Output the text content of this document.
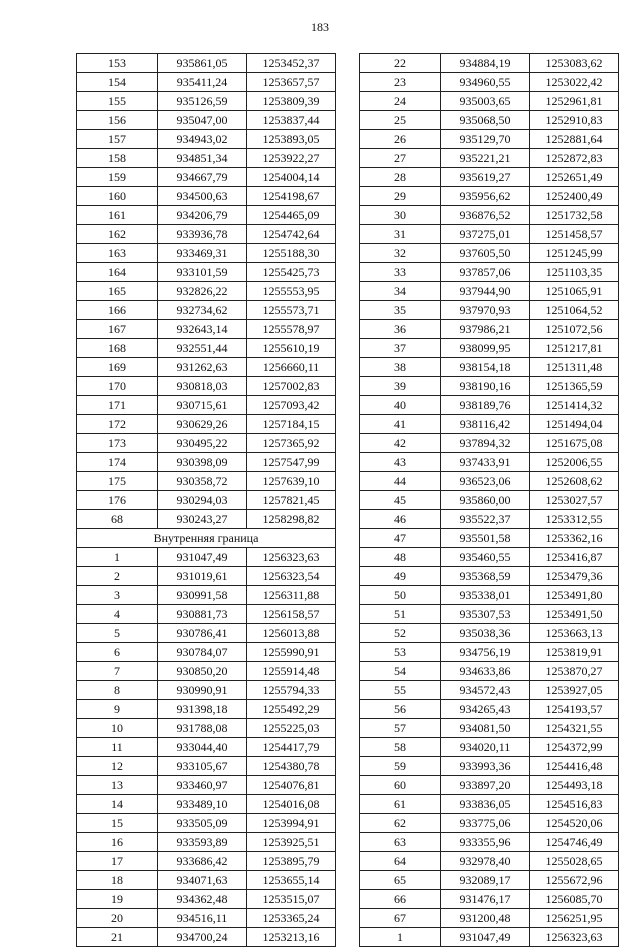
183
153	935861,05	1253452,37
154	935411,24	1253657,57
155	935126,59	1253809,39
156	935047,00	1253837,44
157	934943,02	1253893,05
158	934851,34	1253922,27
159	934667,79	1254004,14
160	934500,63	1254198,67
161	934206,79	1254465,09
162	933936,78	1254742,64
163	933469,31	1255188,30
164	933101,59	1255425,73
165	932826,22	1255553,95
166	932734,62	1255573,71
167	932643,14	1255578,97
168	932551,44	1255610,19
169	931262,63	1256660,11
170	930818,03	1257002,83
171	930715,61	1257093,42
172	930629,26	1257184,15
173	930495,22	1257365,92
174	930398,09	1257547,99
175	930358,72	1257639,10
176	930294,03	1257821,45
68	930243,27	1258298,82
Внутренняя граница		
1	931047,49	1256323,63
2	931019,61	1256323,54
3	930991,58	1256311,88
4	930881,73	1256158,57
5	930786,41	1256013,88
6	930784,07	1255990,91
7	930850,20	1255914,48
8	930990,91	1255794,33
9	931398,18	1255492,29
10	931788,08	1255225,03
11	933044,40	1254417,79
12	933105,67	1254380,78
13	933460,97	1254076,81
14	933489,10	1254016,08
15	933505,09	1253994,91
16	933593,89	1253925,51
17	933686,42	1253895,79
18	934071,63	1253655,14
19	934362,48	1253515,07
20	934516,11	1253365,24
21	934700,24	1253213,16
22	934884,19	1253083,62
23	934960,55	1253022,42
24	935003,65	1252961,81
25	935068,50	1252910,83
26	935129,70	1252881,64
27	935221,21	1252872,83
28	935619,27	1252651,49
29	935956,62	1252400,49
30	936876,52	1251732,58
31	937275,01	1251458,57
32	937605,50	1251245,99
33	937857,06	1251103,35
34	937944,90	1251065,91
35	937970,93	1251064,52
36	937986,21	1251072,56
37	938099,95	1251217,81
38	938154,18	1251311,48
39	938190,16	1251365,59
40	938189,76	1251414,32
41	938116,42	1251494,04
42	937894,32	1251675,08
43	937433,91	1252006,55
44	936523,06	1252608,62
45	935860,00	1253027,57
46	935522,37	1253312,55
47	935501,58	1253362,16
48	935460,55	1253416,87
49	935368,59	1253479,36
50	935338,01	1253491,80
51	935307,53	1253491,50
52	935038,36	1253663,13
53	934756,19	1253819,91
54	934633,86	1253870,27
55	934572,43	1253927,05
56	934265,43	1254193,57
57	934081,50	1254321,55
58	934020,11	1254372,99
59	933993,36	1254416,48
60	933897,20	1254493,18
61	933836,05	1254516,83
62	933775,06	1254520,06
63	933355,96	1254746,49
64	932978,40	1255028,65
65	932089,17	1255672,96
66	931476,17	1256085,70
67	931200,48	1256251,95
1	931047,49	1256323,63
